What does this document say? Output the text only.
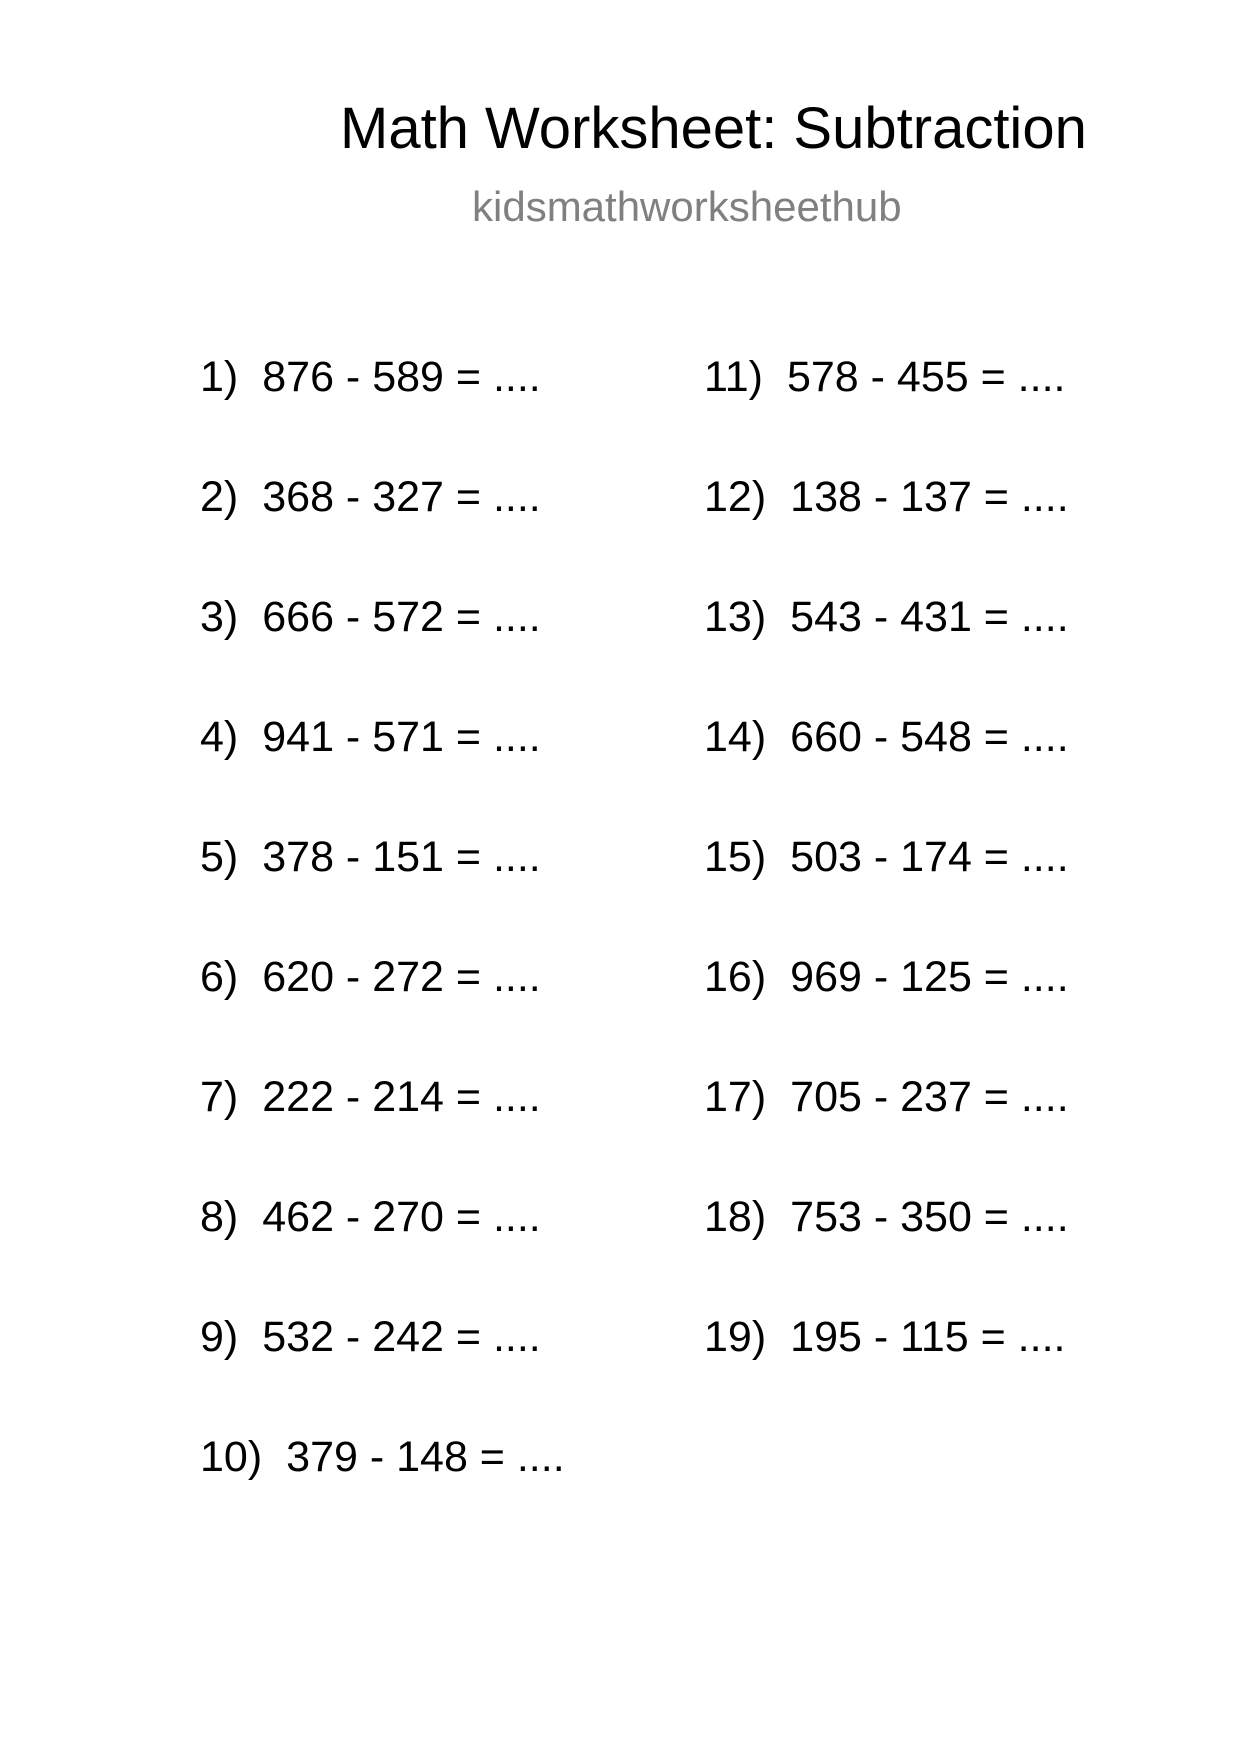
Math Worksheet: Subtraction
kidsmathworksheethub
1) 876 - 589 = ....
2) 368 - 327 = ....
3) 666 - 572 = ....
4) 941 - 571 = ....
5) 378 - 151 = ....
6) 620 - 272 = ....
7) 222 - 214 = ....
8) 462 - 270 = ....
9) 532 - 242 = ....
10) 379 - 148 = ....
11) 578 - 455 = ....
12) 138 - 137 = ....
13) 543 - 431 = ....
14) 660 - 548 = ....
15) 503 - 174 = ....
16) 969 - 125 = ....
17) 705 - 237 = ....
18) 753 - 350 = ....
19) 195 - 115 = ....
